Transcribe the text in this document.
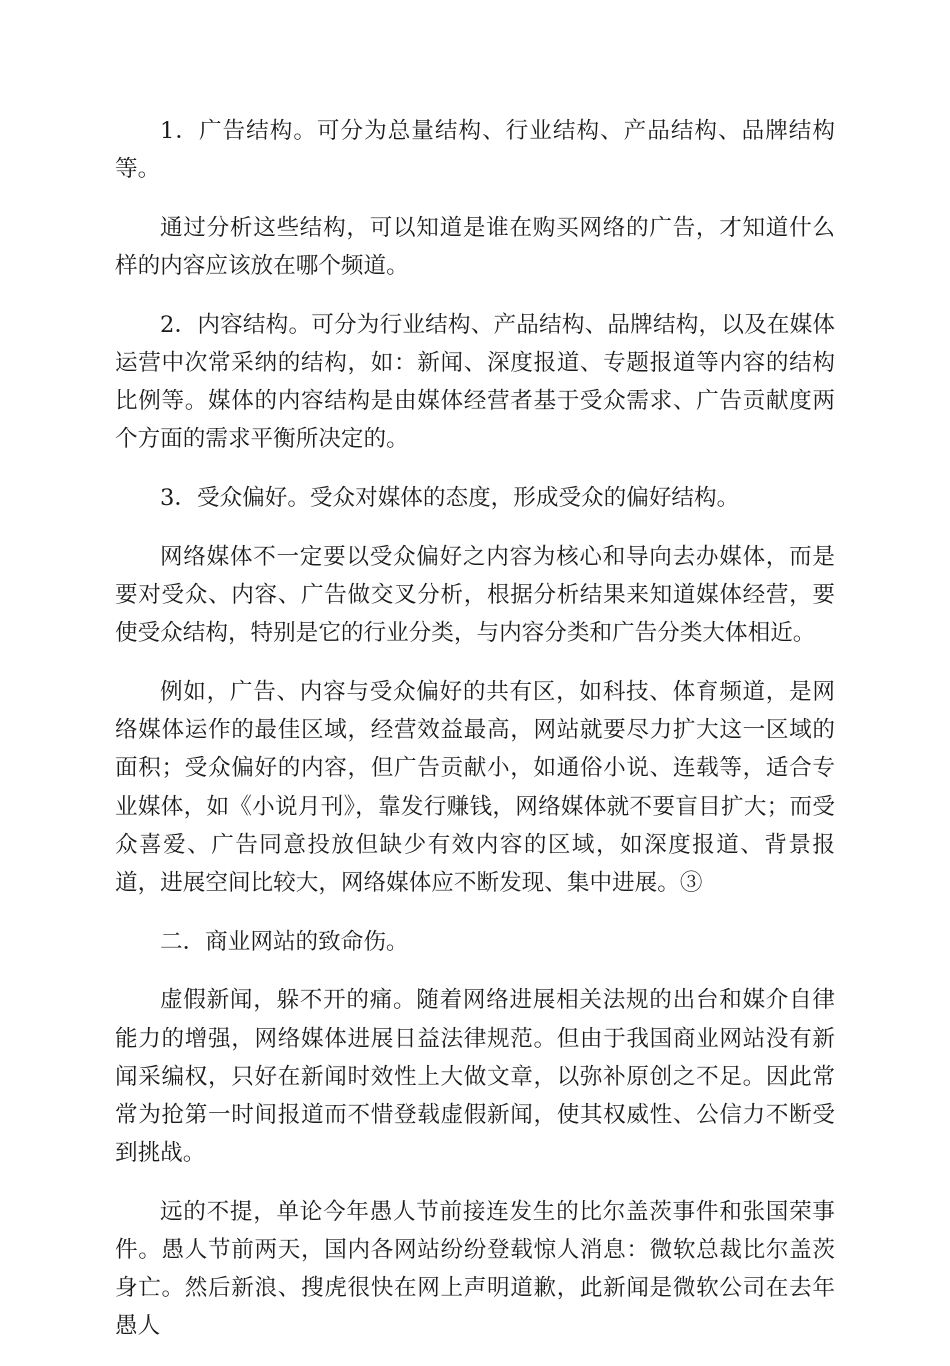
1．广告结构。可分为总量结构、行业结构、产品结构、品牌结构等。

通过分析这些结构，可以知道是谁在购买网络的广告，才知道什么样的内容应该放在哪个频道。

2．内容结构。可分为行业结构、产品结构、品牌结构，以及在媒体运营中次常采纳的结构，如：新闻、深度报道、专题报道等内容的结构比例等。媒体的内容结构是由媒体经营者基于受众需求、广告贡献度两个方面的需求平衡所决定的。

3．受众偏好。受众对媒体的态度，形成受众的偏好结构。

网络媒体不一定要以受众偏好之内容为核心和导向去办媒体，而是要对受众、内容、广告做交叉分析，根据分析结果来知道媒体经营，要使受众结构，特别是它的行业分类，与内容分类和广告分类大体相近。

例如，广告、内容与受众偏好的共有区，如科技、体育频道，是网络媒体运作的最佳区域，经营效益最高，网站就要尽力扩大这一区域的面积；受众偏好的内容，但广告贡献小，如通俗小说、连载等，适合专业媒体，如《小说月刊》，靠发行赚钱，网络媒体就不要盲目扩大；而受众喜爱、广告同意投放但缺少有效内容的区域，如深度报道、背景报道，进展空间比较大，网络媒体应不断发现、集中进展。③

二．商业网站的致命伤。

虚假新闻，躲不开的痛。随着网络进展相关法规的出台和媒介自律能力的增强，网络媒体进展日益法律规范。但由于我国商业网站没有新闻采编权，只好在新闻时效性上大做文章，以弥补原创之不足。因此常常为抢第一时间报道而不惜登载虚假新闻，使其权威性、公信力不断受到挑战。

远的不提，单论今年愚人节前接连发生的比尔盖茨事件和张国荣事件。愚人节前两天，国内各网站纷纷登载惊人消息：微软总裁比尔盖茨身亡。然后新浪、搜虎很快在网上声明道歉，此新闻是微软公司在去年愚人
